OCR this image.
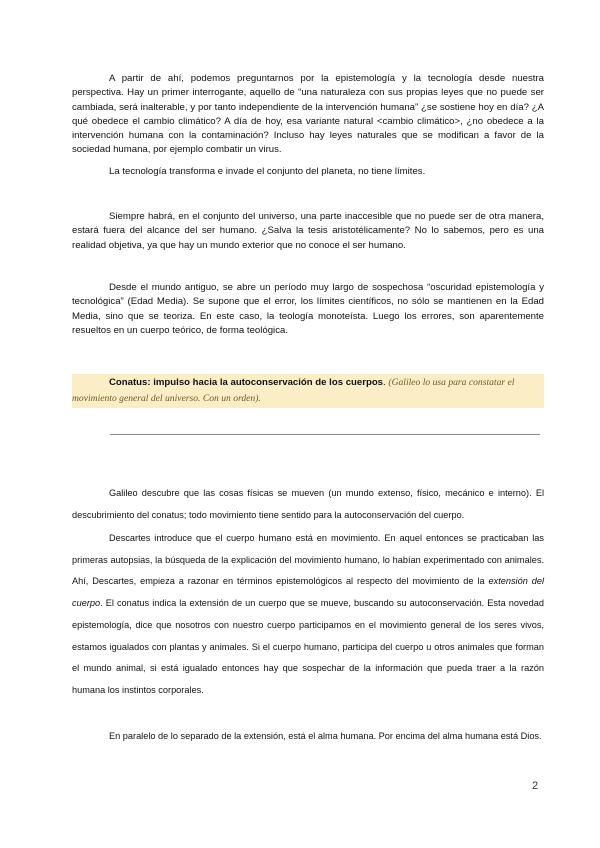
A partir de ahí, podemos preguntarnos por la epistemología y la tecnología desde nuestra perspectiva. Hay un primer interrogante, aquello de “una naturaleza con sus propias leyes que no puede ser cambiada, será inalterable, y por tanto independiente de la intervención humana” ¿se sostiene hoy en día? ¿A qué obedece el cambio climático? A día de hoy, esa variante natural <cambio climático>, ¿no obedece a la intervención humana con la contaminación? Incluso hay leyes naturales que se modifican a favor de la sociedad humana, por ejemplo combatir un virus.

La tecnología transforma e invade el conjunto del planeta, no tiene límites.

Siempre habrá, en el conjunto del universo, una parte inaccesible que no puede ser de otra manera, estará fuera del alcance del ser humano. ¿Salva la tesis aristotélicamente? No lo sabemos, pero es una realidad objetiva, ya que hay un mundo exterior que no conoce el ser humano.

Desde el mundo antiguo, se abre un período muy largo de sospechosa “oscuridad epistemología y tecnológica” (Edad Media). Se supone que el error, los límites científicos, no sólo se mantienen en la Edad Media, sino que se teoriza. En este caso, la teología monoteísta. Luego los errores, son aparentemente resueltos en un cuerpo teórico, de forma teológica.

Conatus: impulso hacia la autoconservación de los cuerpos. (Galileo lo usa para constatar el movimiento general del universo. Con un orden).

Galileo descubre que las cosas físicas se mueven (un mundo extenso, físico, mecánico e interno). El descubrimiento del conatus; todo movimiento tiene sentido para la autoconservación del cuerpo.

Descartes introduce que el cuerpo humano está en movimiento. En aquel entonces se practicaban las primeras autopsias, la búsqueda de la explicación del movimiento humano, lo habían experimentado con animales. Ahí, Descartes, empieza a razonar en términos epistemológicos al respecto del movimiento de la extensión del cuerpo. El conatus indica la extensión de un cuerpo que se mueve, buscando su autoconservación. Esta novedad epistemología, dice que nosotros con nuestro cuerpo participamos en el movimiento general de los seres vivos, estamos igualados con plantas y animales. Si el cuerpo humano, participa del cuerpo u otros animales que forman el mundo animal, si está igualado entonces hay que sospechar de la información que pueda traer a la razón humana los instintos corporales.

En paralelo de lo separado de la extensión, está el alma humana. Por encima del alma humana está Dios.

2
